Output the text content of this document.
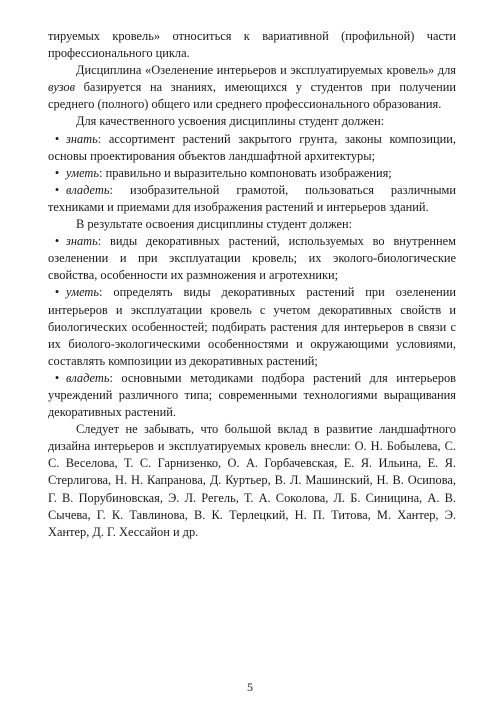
тируемых кровель» относиться к вариативной (профильной) части профессионального цикла.

Дисциплина «Озеленение интерьеров и эксплуатируемых кровель» для вузов базируется на знаниях, имеющихся у студентов при получении среднего (полного) общего или среднего профессионального образования.

Для качественного усвоения дисциплины студент должен:

•знать: ассортимент растений закрытого грунта, законы композиции, основы проектирования объектов ландшафтной архитектуры;

•уметь: правильно и выразительно компоновать изображения;

•владеть: изобразительной грамотой, пользоваться различными техниками и приемами для изображения растений и интерьеров зданий.

В результате освоения дисциплины студент должен:

•знать: виды декоративных растений, используемых во внутреннем озеленении и при эксплуатации кровель; их эколого-биологические свойства, особенности их размножения и агротехники;

•уметь: определять виды декоративных растений при озеленении интерьеров и эксплуатации кровель с учетом декоративных свойств и биологических особенностей; подбирать растения для интерьеров в связи с их биолого-экологическими особенностями и окружающими условиями, составлять композиции из декоративных растений;

•владеть: основными методиками подбора растений для интерьеров учреждений различного типа; современными технологиями выращивания декоративных растений.

Следует не забывать, что большой вклад в развитие ландшафтного дизайна интерьеров и эксплуатируемых кровель внесли: О. Н. Бобылева, С. С. Веселова, Т. С. Гарнизенко, О. А. Горбачевская, Е. Я. Ильина, Е. Я. Стерлигова, Н. Н. Капранова, Д. Куртьер, В. Л. Машинский, Н. В. Осипова, Г. В. Порубиновская, Э. Л. Регель, Т. А. Соколова, Л. Б. Синицина, А. В. Сычева, Г. К. Тавлинова, В. К. Терлецкий, Н. П. Титова, М. Хантер, Э. Хантер, Д. Г. Хессайон и др.

5
